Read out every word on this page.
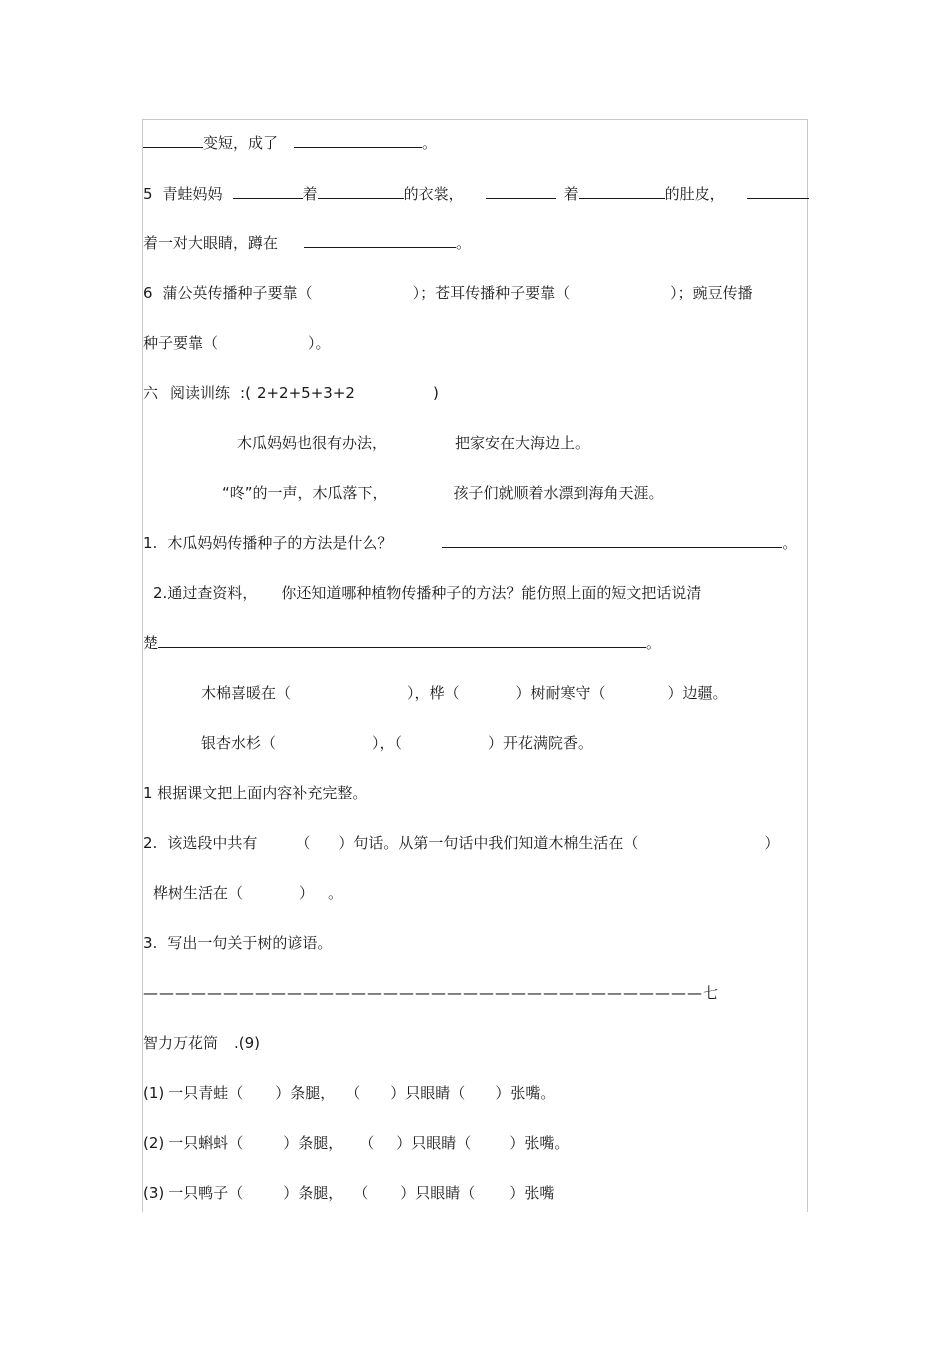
变短，成了	。
5 青蛙妈妈	着	的衣裳，	着	的肚皮，
着一对大眼睛，蹲在	。
6 蒲公英传播种子要靠（	）；苍耳传播种子要靠（	）；豌豆传播
种子要靠（	）。
六 阅读训练 :( 2+2+5+3+2	)
木瓜妈妈也很有办法，	把家安在大海边上。
“咚”的一声，木瓜落下，	孩子们就顺着水漂到海角天涯。
1. 木瓜妈妈传播种子的方法是什么？	。
2.通过查资料， 你还知道哪种植物传播种子的方法？能仿照上面的短文把话说清
楚	。
木棉喜暖在（	），桦（	）树耐寒守（	）边疆。
银杏水杉（	），（	）开花满院香。
1 根据课文把上面内容补充完整。
2. 该选段中共有	（ ）句话。从第一句话中我们知道木棉生活在（	）
桦树生活在（	） 。
3. 写出一句关于树的谚语。
———————————————————————————————————七
智力万花筒 .(9)
(1) 一只青蛙（ ）条腿， （ ）只眼睛（ ）张嘴。
(2) 一只蝌蚪（	）条腿， （ ）只眼睛（	）张嘴。
(3) 一只鸭子（	）条腿， （ ）只眼睛（ ）张嘴
